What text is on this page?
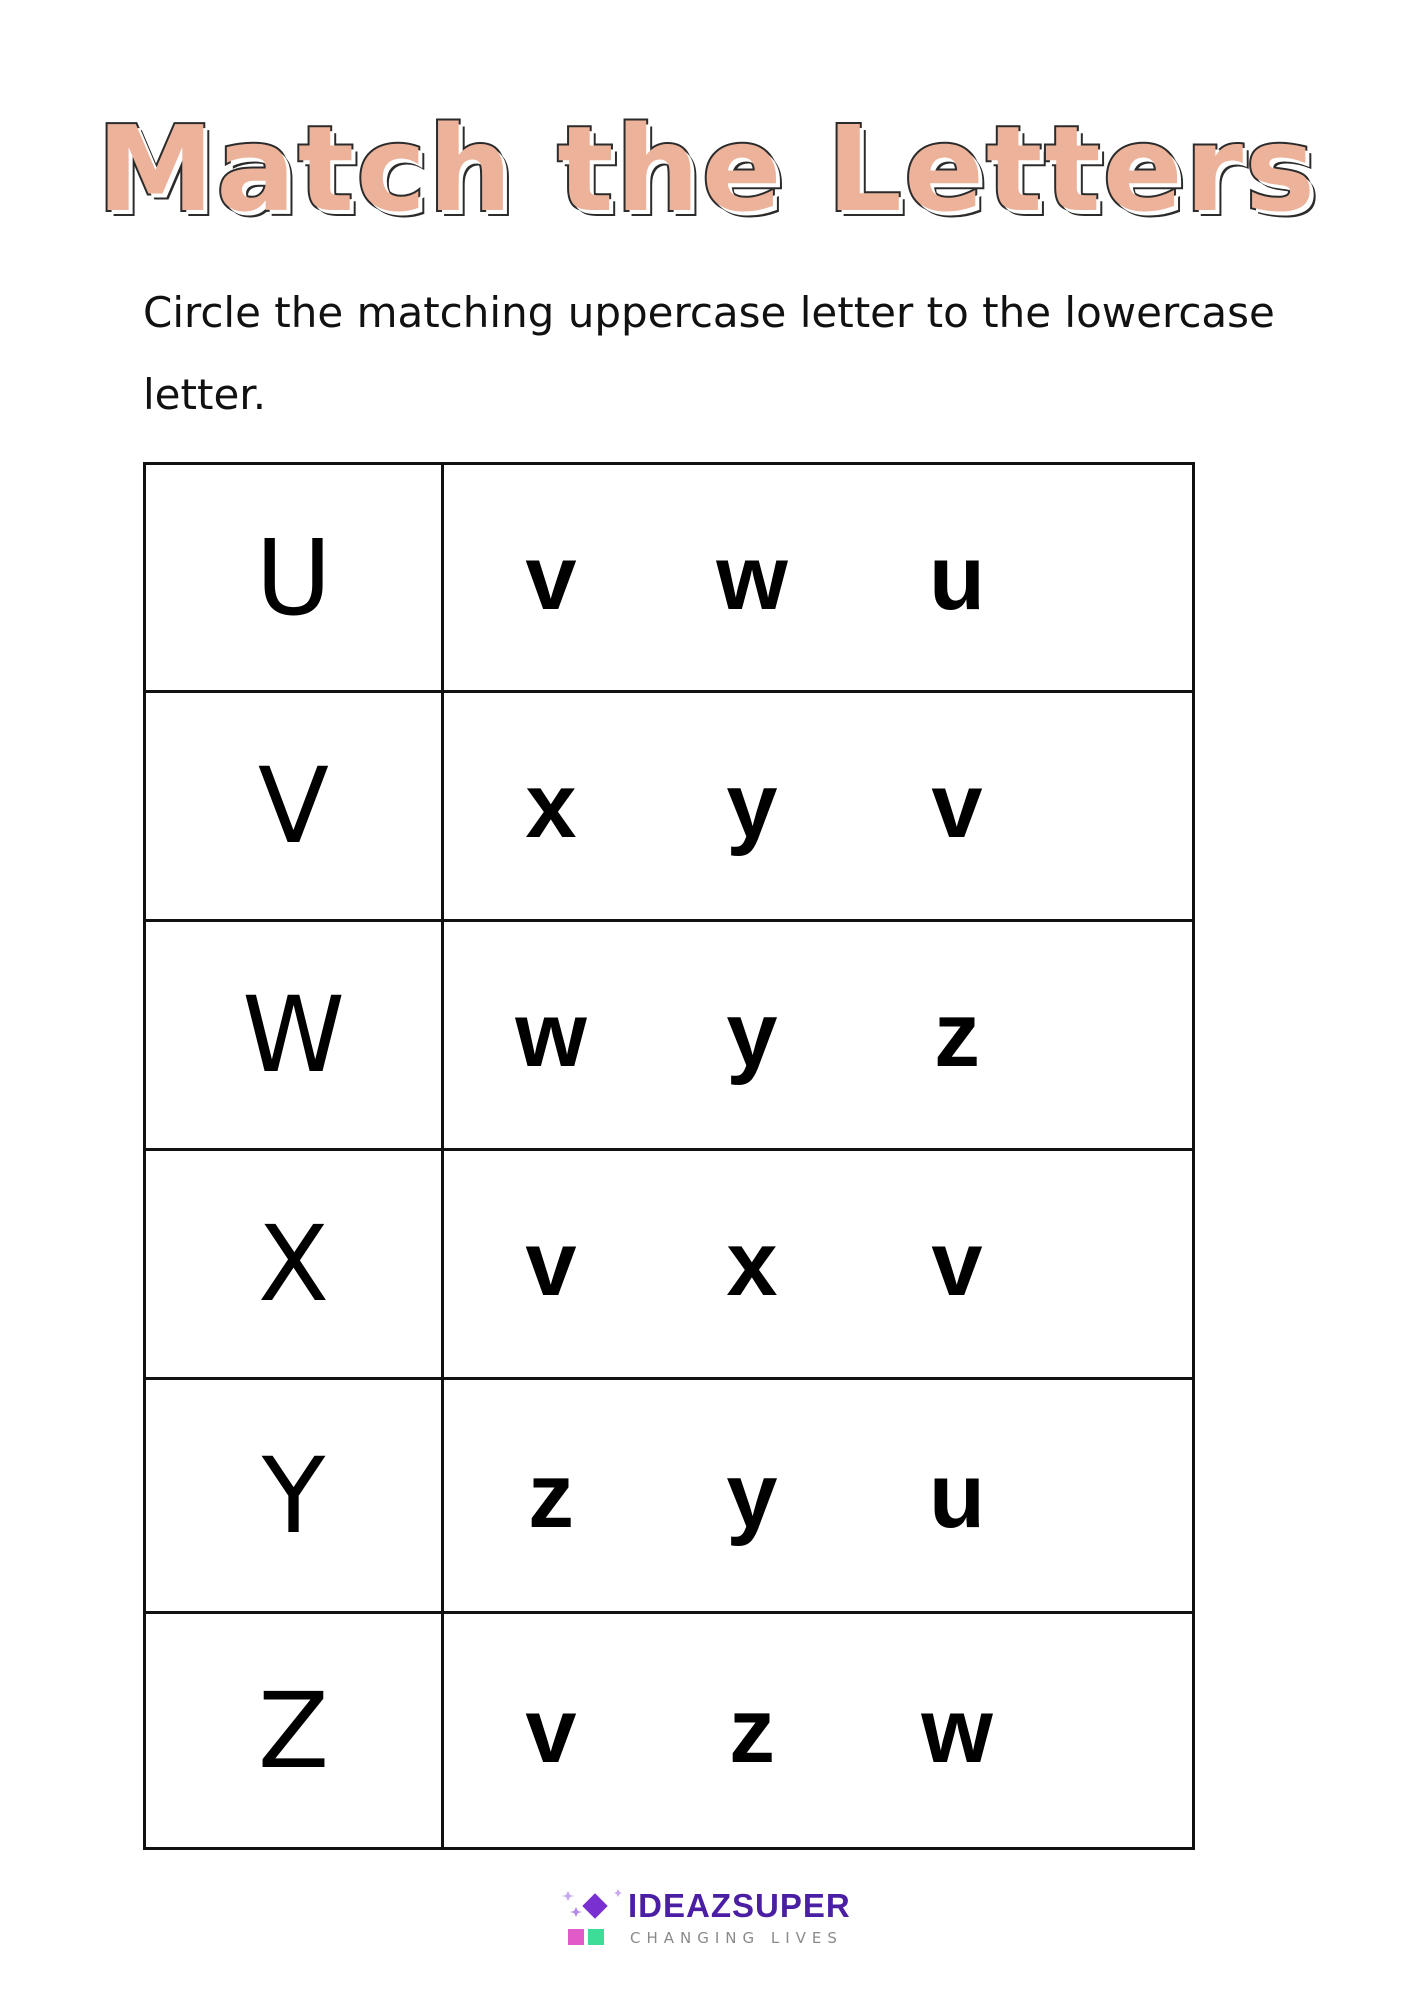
Match the Letters
Circle the matching uppercase letter to the lowercase letter.
U	v w u

V	x y v

W	w y z

X	v x v

Y	z y u

Z	v z w
IDEAZSUPER
CHANGING LIVES
